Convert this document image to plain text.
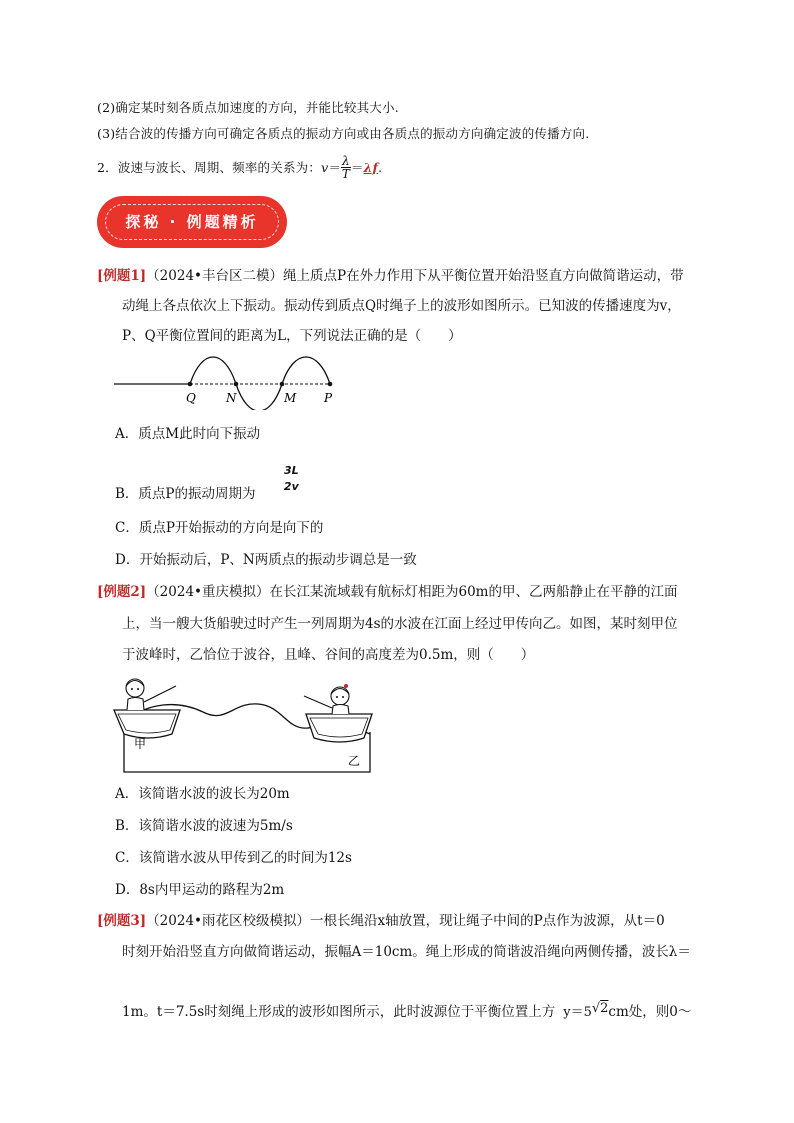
(2)确定某时刻各质点加速度的方向，并能比较其大小.
(3)结合波的传播方向可确定各质点的振动方向或由各质点的振动方向确定波的传播方向.
2．波速与波长、周期、频率的关系为： $v = \frac{\lambda}{T} = \lambda f$ .
探秘 · 例题精析
[例题1]（2024•丰台区二模）绳上质点P在外力作用下从平衡位置开始沿竖直方向做简谐运动，带
动绳上各点依次上下振动。振动传到质点Q时绳子上的波形如图所示。已知波的传播速度为v，
P、Q平衡位置间的距离为L，下列说法正确的是（　　）
Q	N	M P
A．质点M此时向下振动
B．质点P的振动周期为
3L
2v
C．质点P开始振动的方向是向下的
D．开始振动后，P、N两质点的振动步调总是一致
[例题2]（2024•重庆模拟）在长江某流域载有航标灯相距为60m的甲、乙两船静止在平静的江面
上，当一艘大货船驶过时产生一列周期为4s的水波在江面上经过甲传向乙。如图，某时刻甲位
于波峰时，乙恰位于波谷，且峰、谷间的高度差为0.5m，则（　　）
甲
乙
A．该简谐水波的波长为20m
B．该简谐水波的波速为5m/s
C．该简谐水波从甲传到乙的时间为12s
D．8s内甲运动的路程为2m
[例题3]（2024•雨花区校级模拟）一根长绳沿x轴放置，现让绳子中间的P点作为波源，从t＝0
时刻开始沿竖直方向做简谐运动，振幅A＝10cm。绳上形成的简谐波沿绳向两侧传播，波长λ＝
1m。t＝7.5s时刻绳上形成的波形如图所示，此时波源位于平衡位置上方 y＝5 √2 cm处，则0～
